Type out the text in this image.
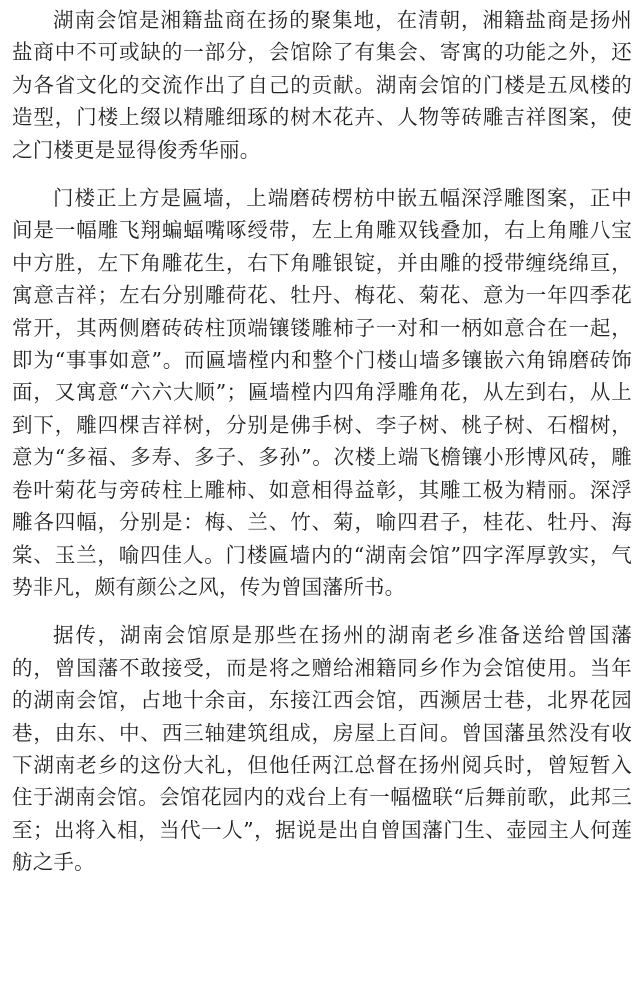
湖南会馆是湘籍盐商在扬的聚集地，在清朝，湘籍盐商是扬州盐商中不可或缺的一部分，会馆除了有集会、寄寓的功能之外，还为各省文化的交流作出了自己的贡献。湖南会馆的门楼是五凤楼的造型，门楼上缀以精雕细琢的树木花卉、人物等砖雕吉祥图案，使之门楼更是显得俊秀华丽。

门楼正上方是匾墙，上端磨砖楞枋中嵌五幅深浮雕图案，正中间是一幅雕飞翔蝙蝠嘴啄绶带，左上角雕双钱叠加，右上角雕八宝中方胜，左下角雕花生，右下角雕银锭，并由雕的授带缠绕绵亘，寓意吉祥；左右分别雕荷花、牡丹、梅花、菊花、意为一年四季花常开，其两侧磨砖砖柱顶端镶镂雕柿子一对和一柄如意合在一起，即为“事事如意”。而匾墙樘内和整个门楼山墙多镶嵌六角锦磨砖饰面，又寓意“六六大顺”；匾墙樘内四角浮雕角花，从左到右，从上到下，雕四棵吉祥树，分别是佛手树、李子树、桃子树、石榴树，意为“多福、多寿、多子、多孙”。次楼上端飞檐镶小形博风砖，雕卷叶菊花与旁砖柱上雕柿、如意相得益彰，其雕工极为精丽。深浮雕各四幅，分别是：梅、兰、竹、菊，喻四君子，桂花、牡丹、海棠、玉兰，喻四佳人。门楼匾墙内的“湖南会馆”四字浑厚敦实，气势非凡，颇有颜公之风，传为曾国藩所书。

据传，湖南会馆原是那些在扬州的湖南老乡准备送给曾国藩的，曾国藩不敢接受，而是将之赠给湘籍同乡作为会馆使用。当年的湖南会馆，占地十余亩，东接江西会馆，西濒居士巷，北界花园巷，由东、中、西三轴建筑组成，房屋上百间。曾国藩虽然没有收下湖南老乡的这份大礼，但他任两江总督在扬州阅兵时，曾短暂入住于湖南会馆。会馆花园内的戏台上有一幅楹联“后舞前歌，此邦三至；出将入相，当代一人”，据说是出自曾国藩门生、壶园主人何莲舫之手。
